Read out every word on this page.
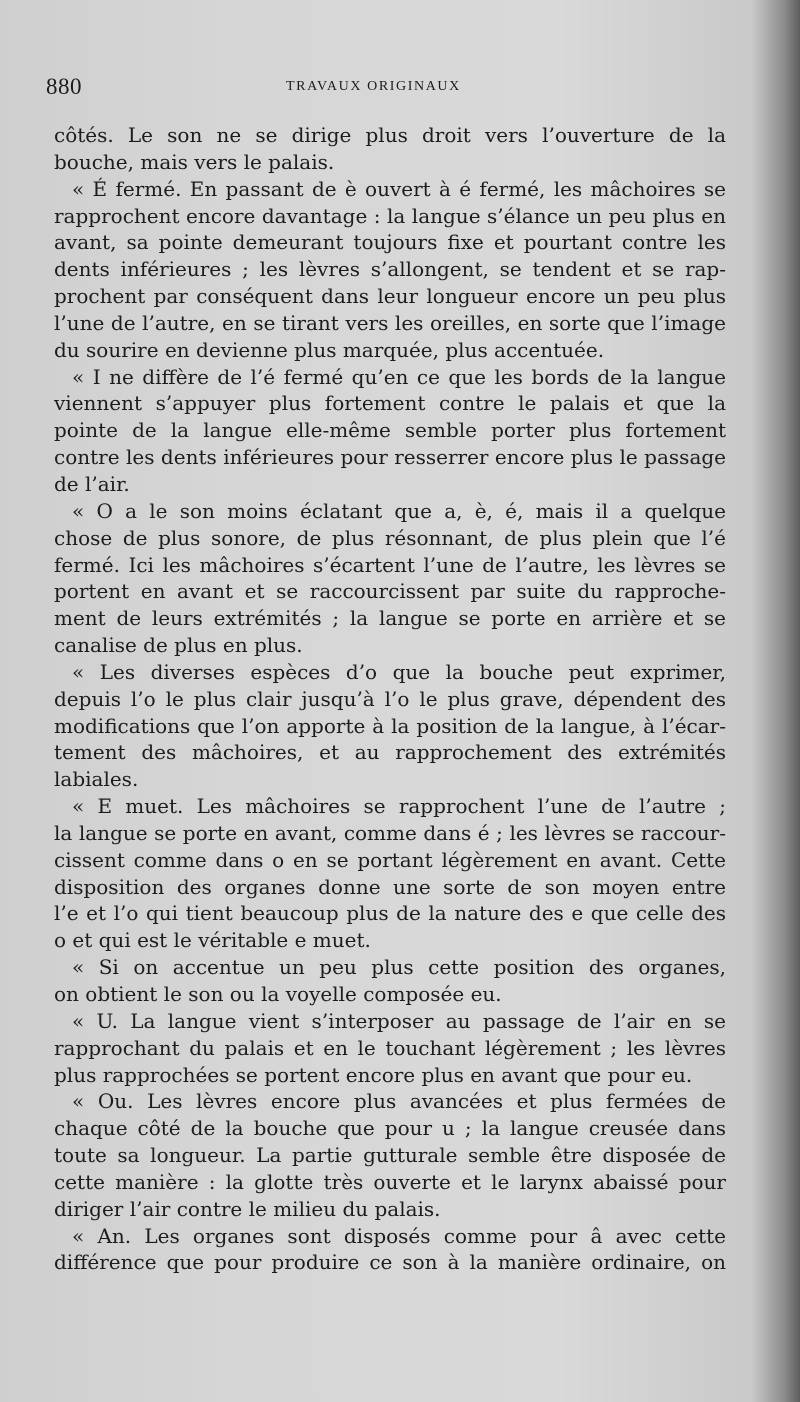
880	TRAVAUX ORIGINAUX
côtés. Le son ne se dirige plus droit vers l’ouverture de la
bouche, mais vers le palais.
« É fermé. En passant de è ouvert à é fermé, les mâchoires se
rapprochent encore davantage : la langue s’élance un peu plus en
avant, sa pointe demeurant toujours fixe et pourtant contre les
dents inférieures ; les lèvres s’allongent, se tendent et se rap-
prochent par conséquent dans leur longueur encore un peu plus
l’une de l’autre, en se tirant vers les oreilles, en sorte que l’image
du sourire en devienne plus marquée, plus accentuée.
« I ne diffère de l’é fermé qu’en ce que les bords de la langue
viennent s’appuyer plus fortement contre le palais et que la
pointe de la langue elle-même semble porter plus fortement
contre les dents inférieures pour resserrer encore plus le passage
de l’air.
« O a le son moins éclatant que a, è, é, mais il a quelque
chose de plus sonore, de plus résonnant, de plus plein que l’é
fermé. Ici les mâchoires s’écartent l’une de l’autre, les lèvres se
portent en avant et se raccourcissent par suite du rapproche-
ment de leurs extrémités ; la langue se porte en arrière et se
canalise de plus en plus.
« Les diverses espèces d’o que la bouche peut exprimer,
depuis l’o le plus clair jusqu’à l’o le plus grave, dépendent des
modifications que l’on apporte à la position de la langue, à l’écar-
tement des mâchoires, et au rapprochement des extrémités
labiales.
« E muet. Les mâchoires se rapprochent l’une de l’autre ;
la langue se porte en avant, comme dans é ; les lèvres se raccour-
cissent comme dans o en se portant légèrement en avant. Cette
disposition des organes donne une sorte de son moyen entre
l’e et l’o qui tient beaucoup plus de la nature des e que celle des
o et qui est le véritable e muet.
« Si on accentue un peu plus cette position des organes,
on obtient le son ou la voyelle composée eu.
« U. La langue vient s’interposer au passage de l’air en se
rapprochant du palais et en le touchant légèrement ; les lèvres
plus rapprochées se portent encore plus en avant que pour eu.
« Ou. Les lèvres encore plus avancées et plus fermées de
chaque côté de la bouche que pour u ; la langue creusée dans
toute sa longueur. La partie gutturale semble être disposée de
cette manière : la glotte très ouverte et le larynx abaissé pour
diriger l’air contre le milieu du palais.
« An. Les organes sont disposés comme pour â avec cette
différence que pour produire ce son à la manière ordinaire, on
